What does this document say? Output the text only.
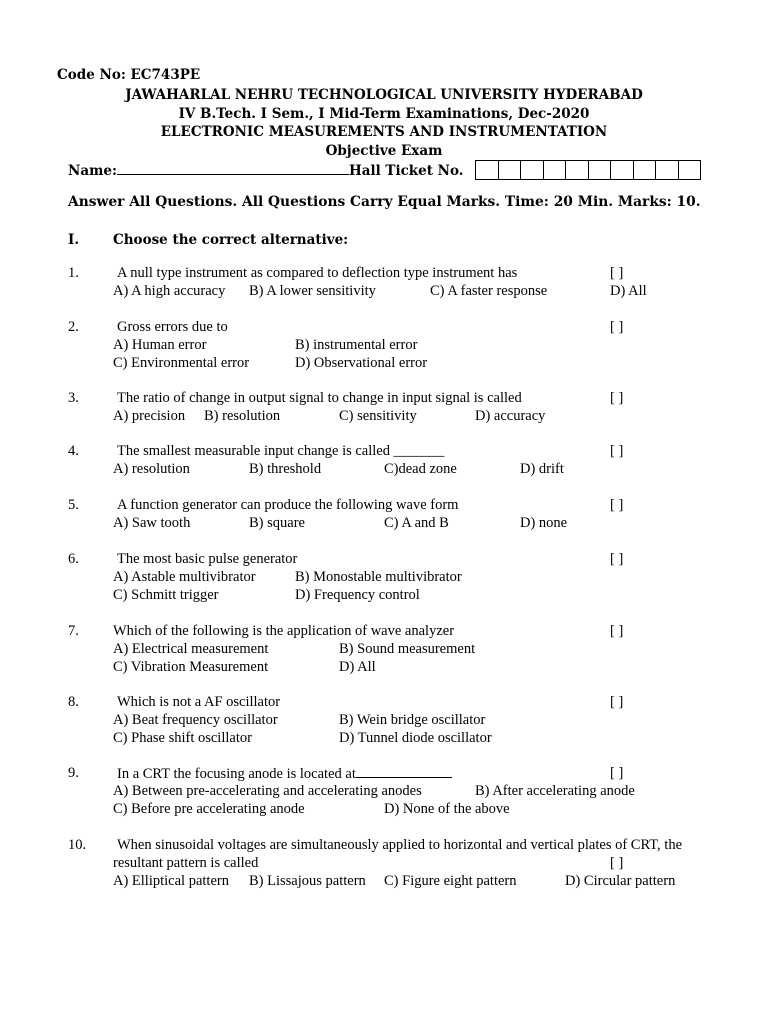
Code No: EC743PE
JAWAHARLAL NEHRU TECHNOLOGICAL UNIVERSITY HYDERABAD
IV B.Tech. I Sem., I Mid-Term Examinations, Dec-2020
ELECTRONIC MEASUREMENTS AND INSTRUMENTATION
Objective Exam
Name:	Hall Ticket No.
Answer All Questions. All Questions Carry Equal Marks. Time: 20 Min. Marks: 10.
I.	Choose the correct alternative:
1.	A null type instrument as compared to deflection type instrument has	[ ]
A) A high accuracy B) A lower sensitivity	C) A faster response	D) All
2.	Gross errors due to	[ ]
A) Human error	B) instrumental error
C) Environmental error	D) Observational error
3.	The ratio of change in output signal to change in input signal is called	[ ]
A) precision B) resolution	C) sensitivity	D) accuracy
4.	The smallest measurable input change is called _______	[ ]
A) resolution	B) threshold	C)dead zone	D) drift
5.	A function generator can produce the following wave form	[ ]
A) Saw tooth	B) square	C) A and B	D) none
6.	The most basic pulse generator	[ ]
A) Astable multivibrator	B) Monostable multivibrator
C) Schmitt trigger	D) Frequency control
7. Which of the following is the application of wave analyzer	[ ]
A) Electrical measurement	B) Sound measurement
C) Vibration Measurement	D) All
8.	Which is not a AF oscillator	[ ]
A) Beat frequency oscillator	B) Wein bridge oscillator
C) Phase shift oscillator	D) Tunnel diode oscillator
9.	In a CRT the focusing anode is located at	[ ]
A) Between pre-accelerating and accelerating anodes	B) After accelerating anode
C) Before pre accelerating anode	D) None of the above
10. When sinusoidal voltages are simultaneously applied to horizontal and vertical plates of CRT, the
resultant pattern is called	[ ]
A) Elliptical pattern B) Lissajous pattern C) Figure eight pattern	D) Circular pattern
